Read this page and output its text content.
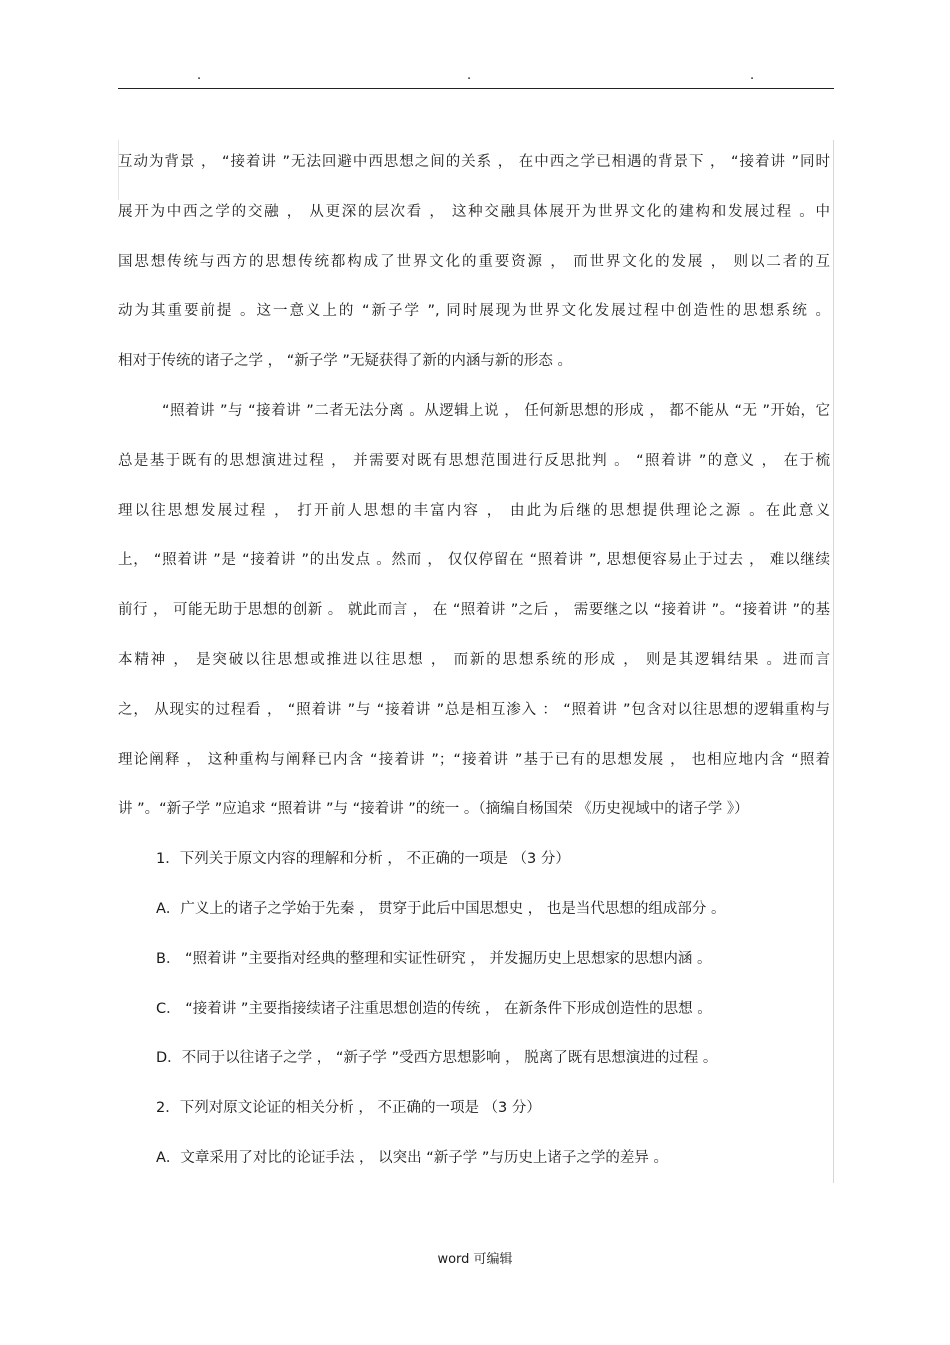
.	.	.
互动为背景 ， “接着讲 ”无法回避中西思想之间的关系 ， 在中西之学已相遇的背景下 ， “接着讲 ”同时
展开为中西之学的交融 ， 从更深的层次看 ， 这种交融具体展开为世界文化的建构和发展过程 。中
国思想传统与西方的思想传统都构成了世界文化的重要资源 ， 而世界文化的发展 ， 则以二者的互
动为其重要前提 。这一意义上的 “新子学 ”, 同时展现为世界文化发展过程中创造性的思想系统 。
相对于传统的诸子之学 ， “新子学 ”无疑获得了新的内涵与新的形态 。
“照着讲 ”与 “接着讲 ”二者无法分离 。从逻辑上说 ， 任何新思想的形成 ， 都不能从 “无 ”开始，它
总是基于既有的思想演进过程 ， 并需要对既有思想范围进行反思批判 。 “照着讲 ”的意义 ， 在于梳
理以往思想发展过程 ， 打开前人思想的丰富内容 ， 由此为后继的思想提供理论之源 。在此意义
上， “照着讲 ”是 “接着讲 ”的出发点 。然而 ， 仅仅停留在 “照着讲 ”, 思想便容易止于过去 ， 难以继续
前行 ， 可能无助于思想的创新 。 就此而言 ， 在 “照着讲 ”之后 ， 需要继之以 “接着讲 ”。“接着讲 ”的基
本精神 ， 是突破以往思想或推进以往思想 ， 而新的思想系统的形成 ， 则是其逻辑结果 。进而言
之， 从现实的过程看 ， “照着讲 ”与 “接着讲 ”总是相互渗入 ： “照着讲 ”包含对以往思想的逻辑重构与
理论阐释 ， 这种重构与阐释已内含 “接着讲 ”；“接着讲 ”基于已有的思想发展 ， 也相应地内含 “照着
讲 ”。“新子学 ”应追求 “照着讲 ”与 “接着讲 ”的统一 。（摘编自杨国荣 《历史视域中的诸子学 》）
1．下列关于原文内容的理解和分析 ， 不正确的一项是 （3 分）
A．广义上的诸子之学始于先秦 ， 贯穿于此后中国思想史 ， 也是当代思想的组成部分 。
B． “照着讲 ”主要指对经典的整理和实证性研究 ， 并发掘历史上思想家的思想内涵 。
C． “接着讲 ”主要指接续诸子注重思想创造的传统 ， 在新条件下形成创造性的思想 。
D．不同于以往诸子之学 ， “新子学 ”受西方思想影响 ， 脱离了既有思想演进的过程 。
2．下列对原文论证的相关分析 ， 不正确的一项是 （3 分）
A．文章采用了对比的论证手法 ， 以突出 “新子学 ”与历史上诸子之学的差异 。
word 可编辑
